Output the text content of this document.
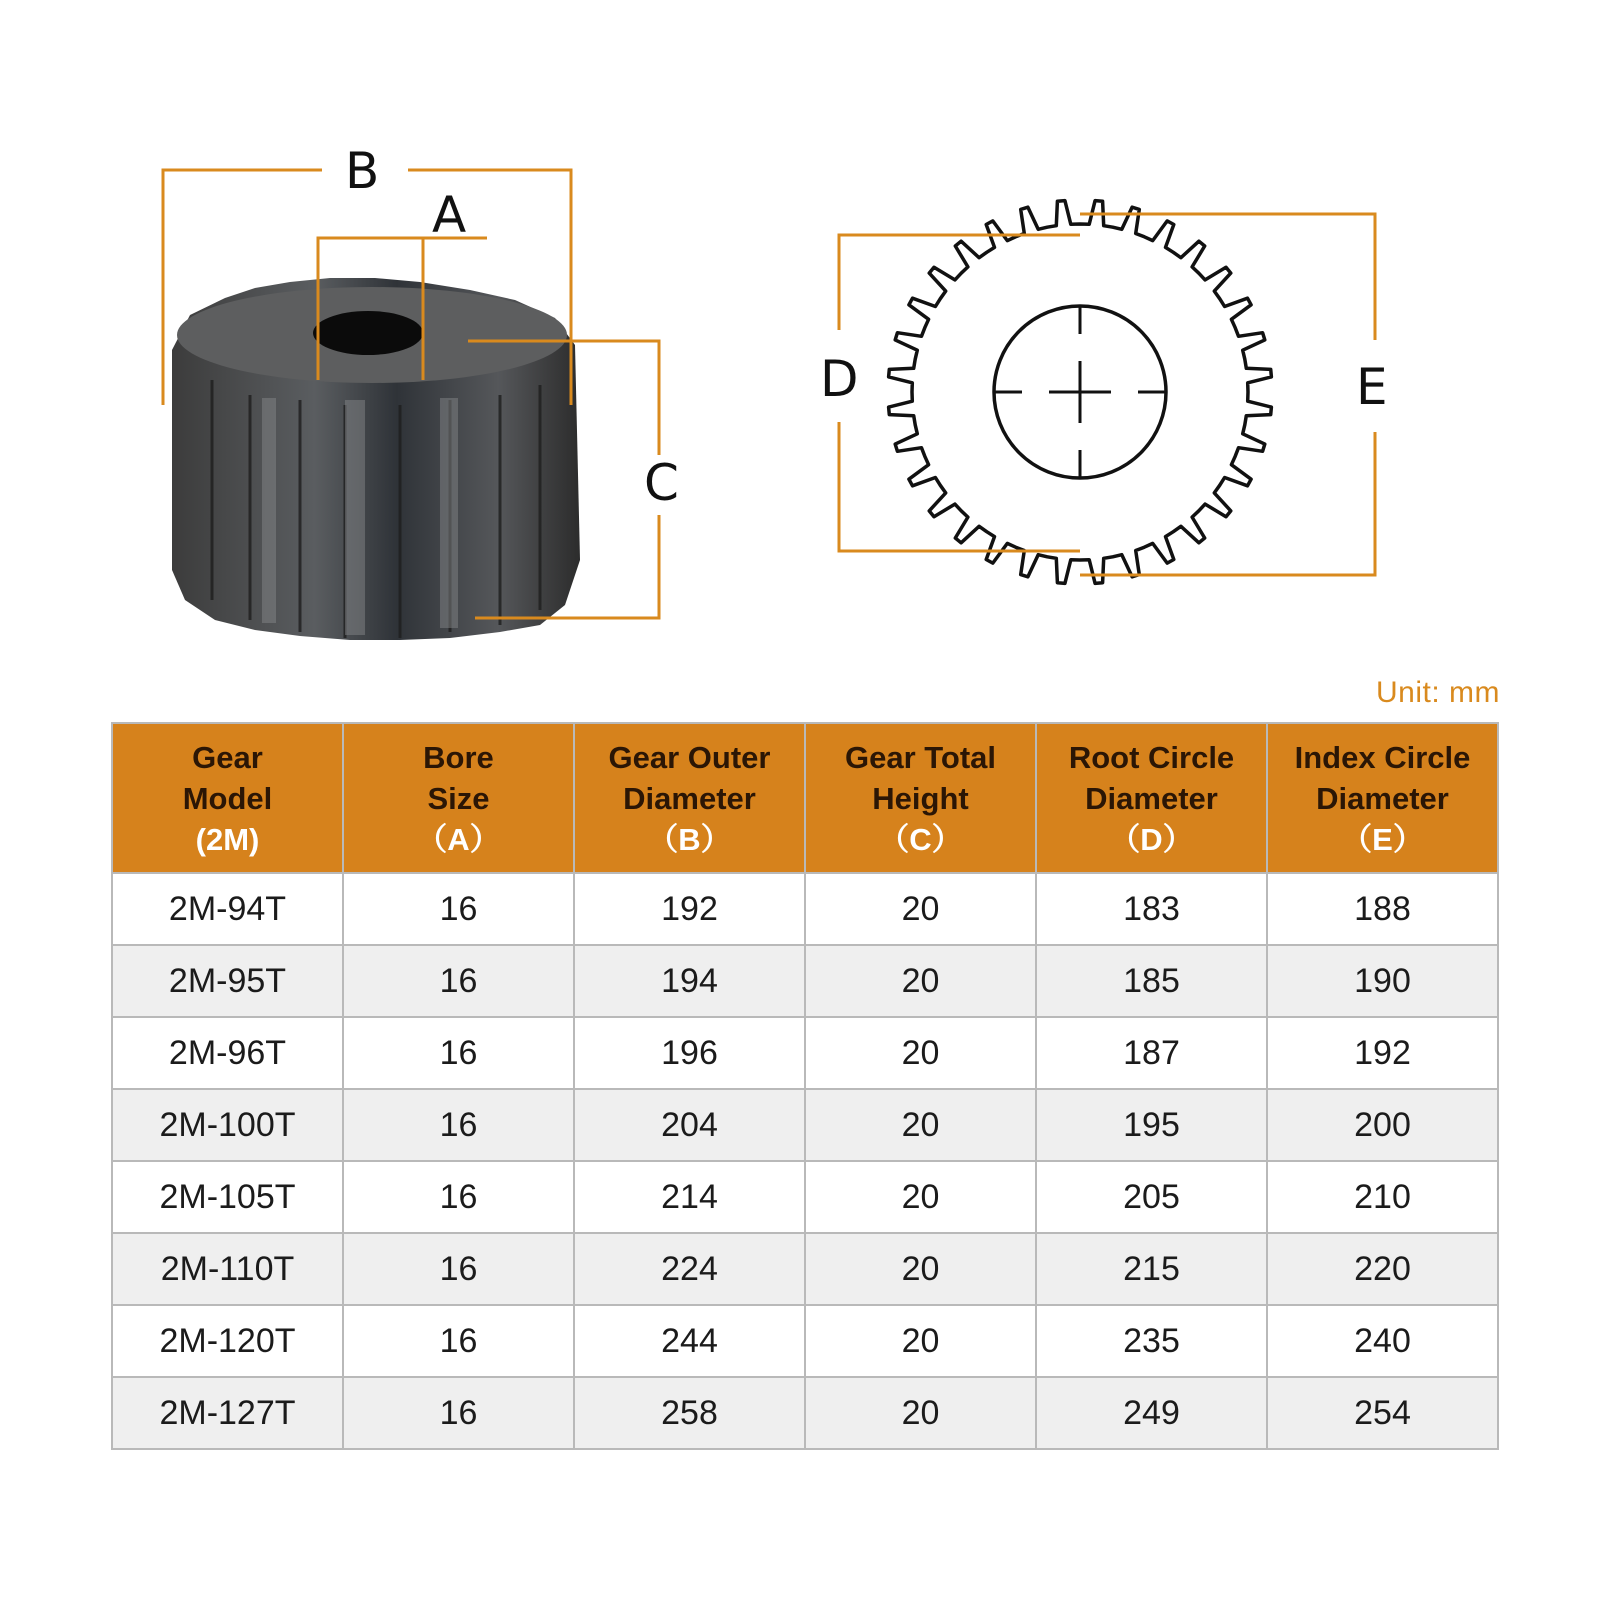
B
A
C
D	E
Unit: mm
Gear
Model
(2M)	Bore
Size
（A）	Gear Outer
Diameter
（B）	Gear Total
Height
（C）	Root Circle
Diameter
（D）	Index Circle
Diameter
（E）

2M-94T	16	192	20	183	188
2M-95T	16	194	20	185	190
2M-96T	16	196	20	187	192
2M-100T	16	204	20	195	200
2M-105T	16	214	20	205	210
2M-110T	16	224	20	215	220
2M-120T	16	244	20	235	240
2M-127T	16	258	20	249	254
